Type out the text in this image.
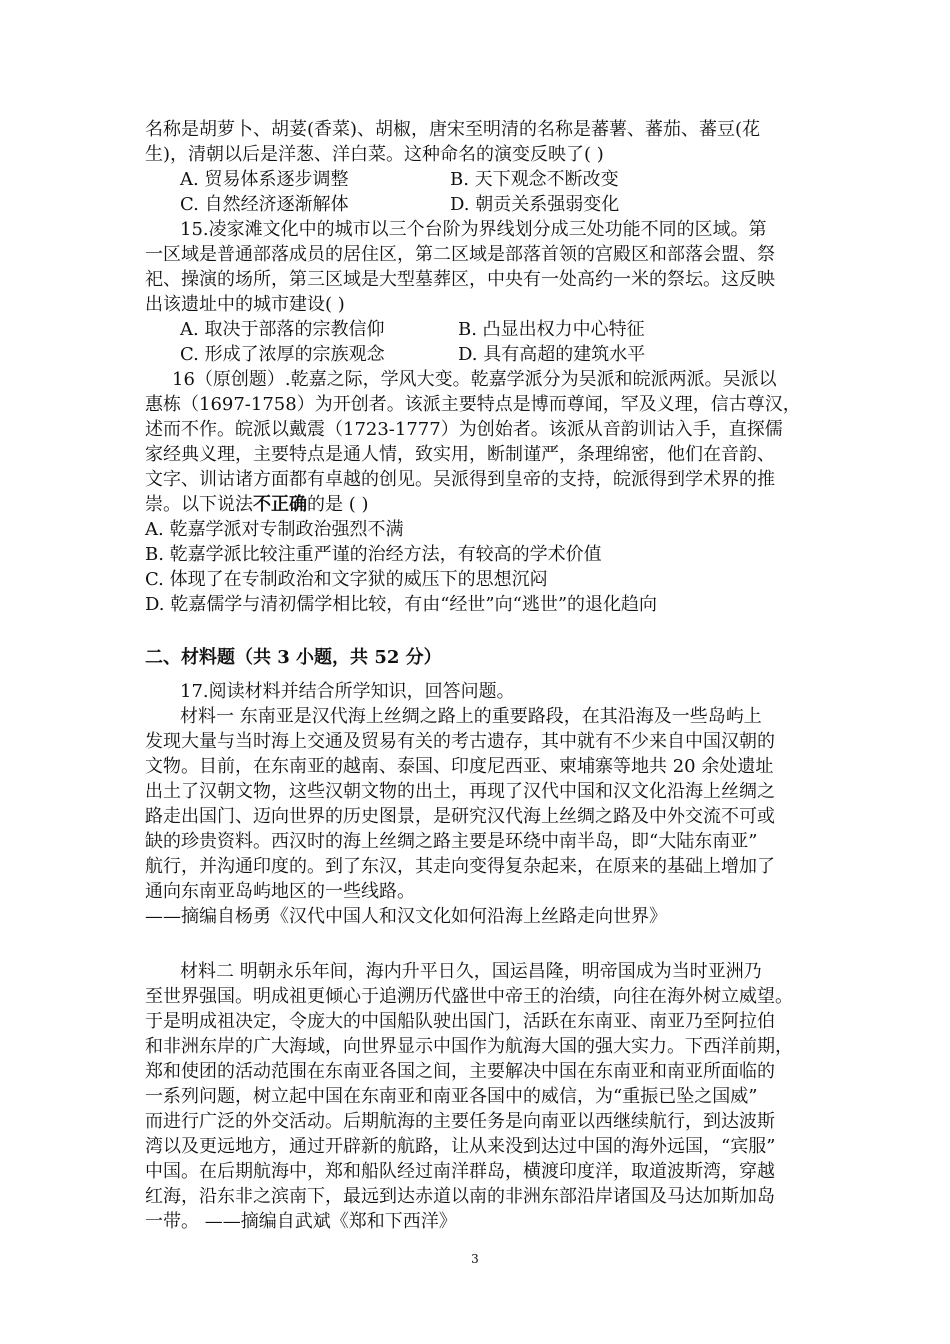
名称是胡萝卜、胡荽(香菜)、胡椒，唐宋至明清的名称是蕃薯、蕃茄、蕃豆(花
生)，清朝以后是洋葱、洋白菜。这种命名的演变反映了( )
A. 贸易体系逐步调整	B. 天下观念不断改变
C. 自然经济逐渐解体	D. 朝贡关系强弱变化
15.凌家滩文化中的城市以三个台阶为界线划分成三处功能不同的区域。第
一区域是普通部落成员的居住区，第二区域是部落首领的宫殿区和部落会盟、祭
祀、操演的场所，第三区域是大型墓葬区，中央有一处高约一米的祭坛。这反映
出该遗址中的城市建设( )
A. 取决于部落的宗教信仰	B. 凸显出权力中心特征
C. 形成了浓厚的宗族观念	D. 具有高超的建筑水平
16（原创题）.乾嘉之际，学风大变。乾嘉学派分为吴派和皖派两派。吴派以
惠栋（1697-1758）为开创者。该派主要特点是博而尊闻，罕及义理，信古尊汉，
述而不作。皖派以戴震（1723-1777）为创始者。该派从音韵训诂入手，直探儒
家经典义理，主要特点是通人情，致实用，断制谨严，条理绵密，他们在音韵、
文字、训诂诸方面都有卓越的创见。吴派得到皇帝的支持，皖派得到学术界的推
崇。以下说法不正确的是 ( )
A. 乾嘉学派对专制政治强烈不满
B. 乾嘉学派比较注重严谨的治经方法，有较高的学术价值
C. 体现了在专制政治和文字狱的威压下的思想沉闷
D. 乾嘉儒学与清初儒学相比较，有由“经世”向“逃世”的退化趋向
二、材料题（共 3 小题，共 52 分）
17.阅读材料并结合所学知识，回答问题。
材料一 东南亚是汉代海上丝绸之路上的重要路段，在其沿海及一些岛屿上
发现大量与当时海上交通及贸易有关的考古遗存，其中就有不少来自中国汉朝的
文物。目前，在东南亚的越南、泰国、印度尼西亚、柬埔寨等地共 20 余处遗址
出土了汉朝文物，这些汉朝文物的出土，再现了汉代中国和汉文化沿海上丝绸之
路走出国门、迈向世界的历史图景，是研究汉代海上丝绸之路及中外交流不可或
缺的珍贵资料。西汉时的海上丝绸之路主要是环绕中南半岛，即“大陆东南亚”
航行，并沟通印度的。到了东汉，其走向变得复杂起来，在原来的基础上增加了
通向东南亚岛屿地区的一些线路。
——摘编自杨勇《汉代中国人和汉文化如何沿海上丝路走向世界》
材料二 明朝永乐年间，海内升平日久，国运昌隆，明帝国成为当时亚洲乃
至世界强国。明成祖更倾心于追溯历代盛世中帝王的治绩，向往在海外树立威望。
于是明成祖决定，令庞大的中国船队驶出国门，活跃在东南亚、南亚乃至阿拉伯
和非洲东岸的广大海域，向世界显示中国作为航海大国的强大实力。下西洋前期，
郑和使团的活动范围在东南亚各国之间，主要解决中国在东南亚和南亚所面临的
一系列问题，树立起中国在东南亚和南亚各国中的威信，为“重振已坠之国威”
而进行广泛的外交活动。后期航海的主要任务是向南亚以西继续航行，到达波斯
湾以及更远地方，通过开辟新的航路，让从来没到达过中国的海外远国，“宾服”
中国。在后期航海中，郑和船队经过南洋群岛，横渡印度洋，取道波斯湾，穿越
红海，沿东非之滨南下，最远到达赤道以南的非洲东部沿岸诸国及马达加斯加岛
一带。 ——摘编自武斌《郑和下西洋》
3
